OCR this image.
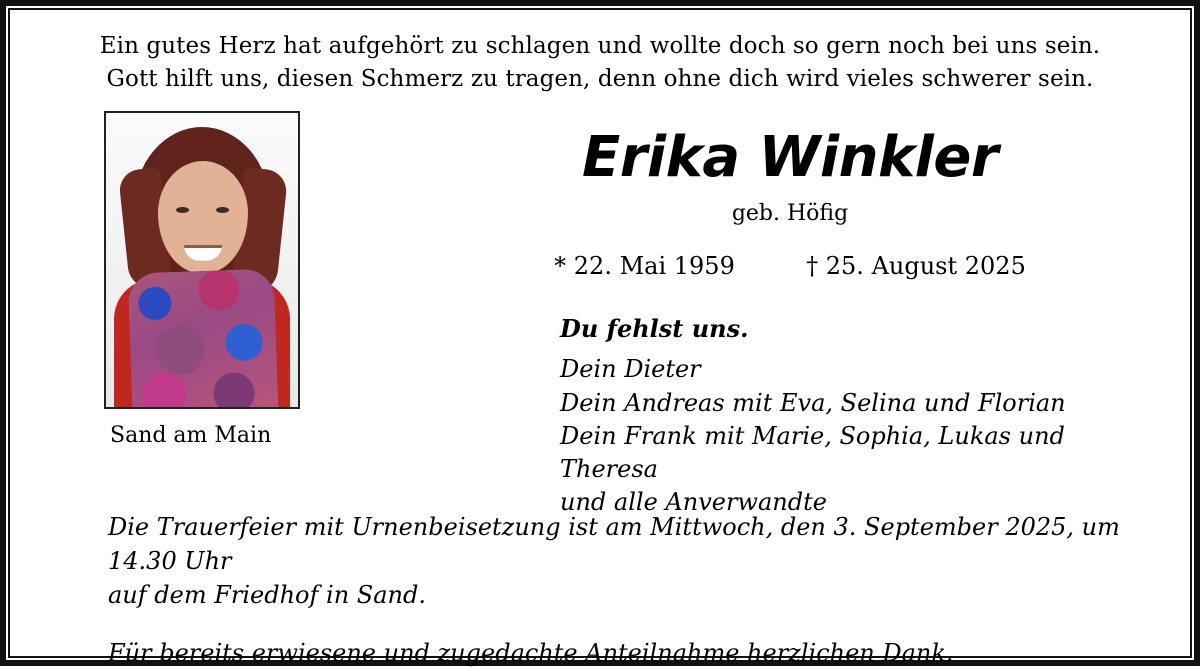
Ein gutes Herz hat aufgehört zu schlagen und wollte doch so gern noch bei uns sein.
Gott hilft uns, diesen Schmerz zu tragen, denn ohne dich wird vieles schwerer sein.
Sand am Main
Erika Winkler
geb. Höfig
* 22. Mai 1959	† 25. August 2025
Du fehlst uns.
Dein Dieter
Dein Andreas mit Eva, Selina und Florian
Dein Frank mit Marie, Sophia, Lukas und Theresa
und alle Anverwandte
Die Trauerfeier mit Urnenbeisetzung ist am Mittwoch, den 3. September 2025, um 14.30 Uhr
auf dem Friedhof in Sand.
Für bereits erwiesene und zugedachte Anteilnahme herzlichen Dank.
